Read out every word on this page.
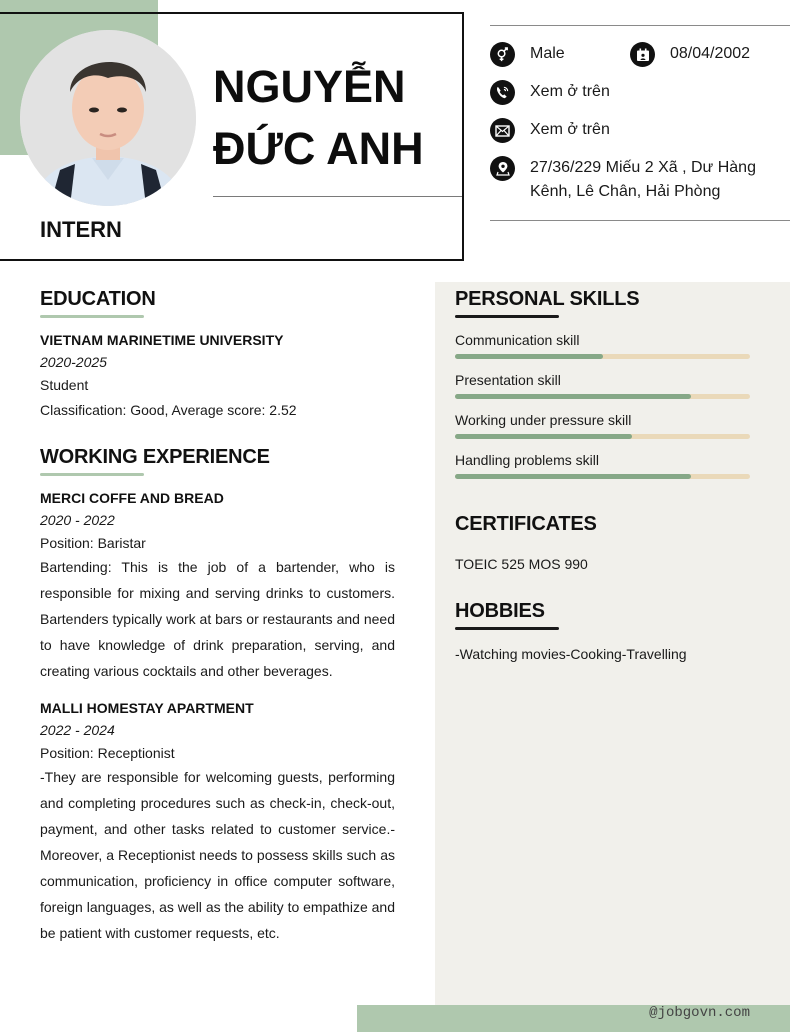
NGUYỄN
ĐỨC ANH
INTERN
Male	08/04/2002
Xem ở trên
Xem ở trên
27/36/229 Miếu 2 Xã , Dư Hàng
Kênh, Lê Chân, Hải Phòng
EDUCATION
VIETNAM MARINETIME UNIVERSITY
2020-2025
Student
Classification: Good, Average score: 2.52
WORKING EXPERIENCE
MERCI COFFE AND BREAD
2020 - 2022
Position: Baristar
Bartending: This is the job of a bartender, who is responsible for mixing and serving drinks to customers. Bartenders typically work at bars or restaurants and need to have knowledge of drink preparation, serving, and creating various cocktails and other beverages.
MALLI HOMESTAY APARTMENT
2022 - 2024
Position: Receptionist
-They are responsible for welcoming guests, performing and completing procedures such as check-in, check-out, payment, and other tasks related to customer service.-Moreover, a Receptionist needs to possess skills such as communication, proficiency in office computer software, foreign languages, as well as the ability to empathize and be patient with customer requests, etc.
PERSONAL SKILLS
Communication skill
Presentation skill
Working under pressure skill
Handling problems skill
CERTIFICATES
TOEIC 525 MOS 990
HOBBIES
-Watching movies-Cooking-Travelling
@jobgovn.com
